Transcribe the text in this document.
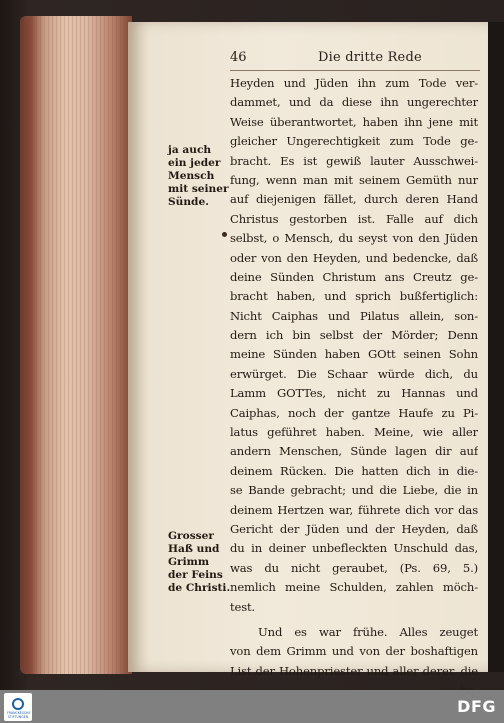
46	Die dritte Rede
ja auch
ein jeder
Mensch
mit seiner
Sünde.
Grosser
Haß und
Grimm
der Feins
de Christi.
Heyden und Jüden ihn zum Tode ver-
dammet, und da diese ihn ungerechter
Weise überantwortet, haben ihn jene mit
gleicher Ungerechtigkeit zum Tode ge-
bracht. Es ist gewiß lauter Ausschwei-
fung, wenn man mit seinem Gemüth nur
auf diejenigen fället, durch deren Hand
Christus gestorben ist. Falle auf dich
selbst, o Mensch, du seyst von den Jüden
oder von den Heyden, und bedencke, daß
deine Sünden Christum ans Creutz ge-
bracht haben, und sprich bußfertiglich:
Nicht Caiphas und Pilatus allein, son-
dern ich bin selbst der Mörder; Denn
meine Sünden haben GOtt seinen Sohn
erwürget. Die Schaar würde dich, du
Lamm GOTTes, nicht zu Hannas und
Caiphas, noch der gantze Haufe zu Pi-
latus geführet haben. Meine, wie aller
andern Menschen, Sünde lagen dir auf
deinem Rücken. Die hatten dich in die-
se Bande gebracht; und die Liebe, die in
deinem Hertzen war, führete dich vor das
Gericht der Jüden und der Heyden, daß
du in deiner unbefleckten Unschuld das,
was du nicht geraubet, (Ps. 69, 5.)
nemlich meine Schulden, zahlen möch-
test.
Und es war frühe. Alles zeuget
von dem Grimm und von der boshaftigen
List der Hohenpriester und aller derer, die
FRANCKESCHE STIFTUNGEN
DFG
